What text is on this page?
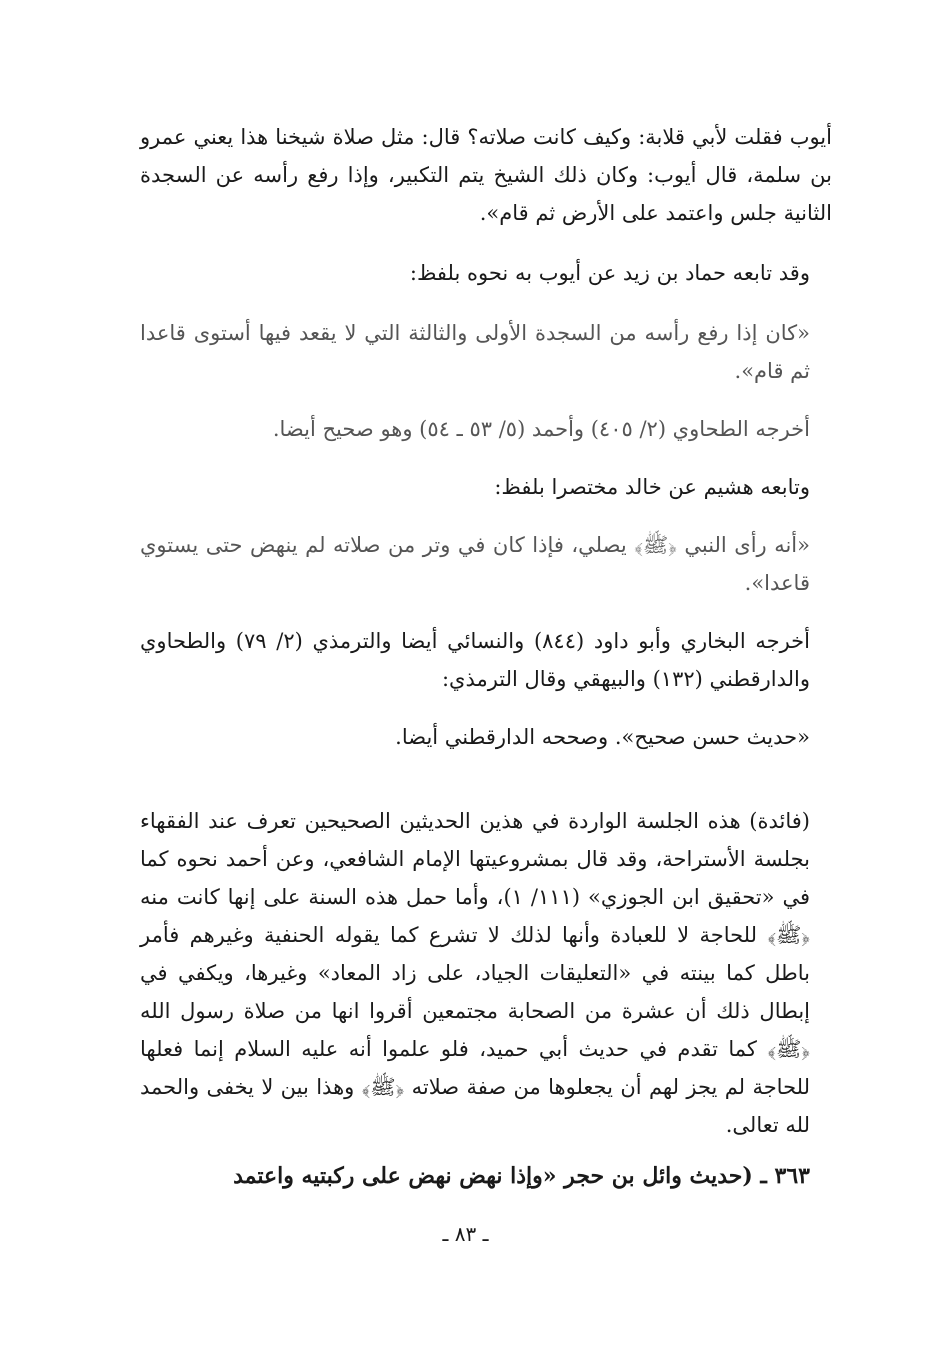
أيوب فقلت لأبي قلابة: وكيف كانت صلاته؟ قال: مثل صلاة شيخنا هذا يعني عمرو بن سلمة، قال أيوب: وكان ذلك الشيخ يتم التكبير، وإذا رفع رأسه عن السجدة الثانية جلس واعتمد على الأرض ثم قام».

وقد تابعه حماد بن زيد عن أيوب به نحوه بلفظ:

«كان إذا رفع رأسه من السجدة الأولى والثالثة التي لا يقعد فيها أستوى قاعدا ثم قام».

أخرجه الطحاوي (٢/ ٤٠٥) وأحمد (٥/ ٥٣ ـ ٥٤) وهو صحيح أيضا.

وتابعه هشيم عن خالد مختصرا بلفظ:

«أنه رأى النبي ﴿ﷺ﴾ يصلي، فإذا كان في وتر من صلاته لم ينهض حتى يستوي قاعدا».

أخرجه البخاري وأبو داود (٨٤٤) والنسائي أيضا والترمذي (٢/ ٧٩) والطحاوي والدارقطني (١٣٢) والبيهقي وقال الترمذي:

«حديث حسن صحيح». وصححه الدارقطني أيضا.

(فائدة) هذه الجلسة الواردة في هذين الحديثين الصحيحين تعرف عند الفقهاء بجلسة الأستراحة، وقد قال بمشروعيتها الإمام الشافعي، وعن أحمد نحوه كما في «تحقيق ابن الجوزي» (١١١/ ١)، وأما حمل هذه السنة على إنها كانت منه ﴿ﷺ﴾ للحاجة لا للعبادة وأنها لذلك لا تشرع كما يقوله الحنفية وغيرهم فأمر باطل كما بينته في «التعليقات الجياد، على زاد المعاد» وغيرها، ويكفي في إبطال ذلك أن عشرة من الصحابة مجتمعين أقروا انها من صلاة رسول الله ﴿ﷺ﴾ كما تقدم في حديث أبي حميد، فلو علموا أنه عليه السلام إنما فعلها للحاجة لم يجز لهم أن يجعلوها من صفة صلاته ﴿ﷺ﴾ وهذا بين لا يخفى والحمد لله تعالى.

٣٦٣ ـ (حديث وائل بن حجر «وإذا نهض نهض على ركبتيه واعتمد

ـ ٨٣ ـ
